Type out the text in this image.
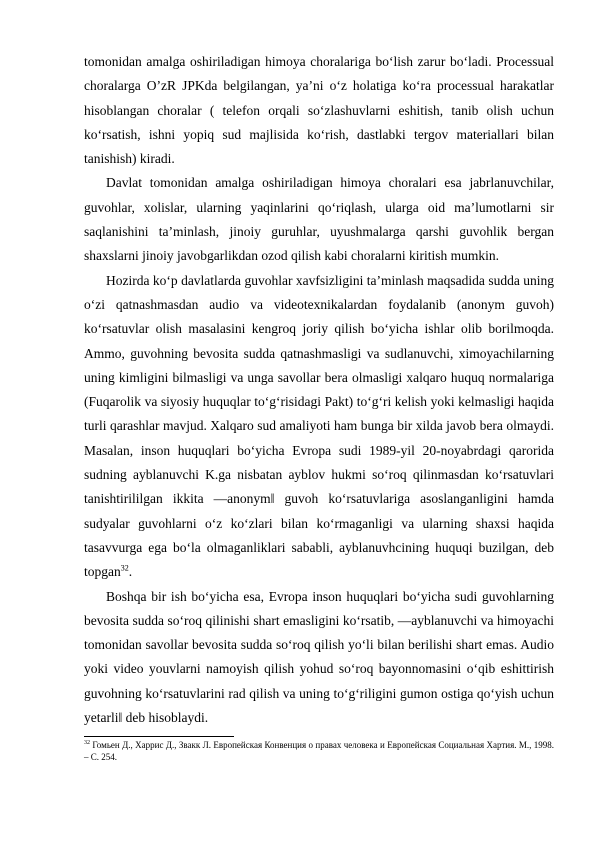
tomonidan amalga oshiriladigan himoya choralariga bo‘lish zarur bo‘ladi. Processual choralarga O’zR JPKda belgilangan, ya’ni o‘z holatiga ko‘ra processual harakatlar hisoblangan choralar ( telefon orqali so‘zlashuvlarni eshitish, tanib olish uchun ko‘rsatish, ishni yopiq sud majlisida ko‘rish, dastlabki tergov materiallari bilan tanishish) kiradi.

Davlat tomonidan amalga oshiriladigan himoya choralari esa jabrlanuvchilar, guvohlar, xolislar, ularning yaqinlarini qo‘riqlash, ularga oid ma’lumotlarni sir saqlanishini ta’minlash, jinoiy guruhlar, uyushmalarga qarshi guvohlik bergan shaxslarni jinoiy javobgarlikdan ozod qilish kabi choralarni kiritish mumkin.

Hozirda ko‘p davlatlarda guvohlar xavfsizligini ta’minlash maqsadida sudda uning o‘zi qatnashmasdan audio va videotexnikalardan foydalanib (anonym guvoh) ko‘rsatuvlar olish masalasini kengroq joriy qilish bo‘yicha ishlar olib borilmoqda. Ammo, guvohning bevosita sudda qatnashmasligi va sudlanuvchi, ximoyachilarning uning kimligini bilmasligi va unga savollar bera olmasligi xalqaro huquq normalariga (Fuqarolik va siyosiy huquqlar to‘g‘risidagi Pakt) to‘g‘ri kelish yoki kelmasligi haqida turli qarashlar mavjud. Xalqaro sud amaliyoti ham bunga bir xilda javob bera olmaydi. Masalan, inson huquqlari bo‘yicha Evropa sudi 1989-yil 20-noyabrdagi qarorida sudning ayblanuvchi K.ga nisbatan ayblov hukmi so‘roq qilinmasdan ko‘rsatuvlari tanishtirililgan ikkita ―anonym‖ guvoh ko‘rsatuvlariga asoslanganligini hamda sudyalar guvohlarni o‘z ko‘zlari bilan ko‘rmaganligi va ularning shaxsi haqida tasavvurga ega bo‘la olmaganliklari sababli, ayblanuvhcining huquqi buzilgan, deb topgan$^{32}$.

Boshqa bir ish bo‘yicha esa, Evropa inson huquqlari bo‘yicha sudi guvohlarning bevosita sudda so‘roq qilinishi shart emasligini ko‘rsatib, ―ayblanuvchi va himoyachi tomonidan savollar bevosita sudda so‘roq qilish yo‘li bilan berilishi shart emas. Audio yoki video youvlarni namoyish qilish yohud so‘roq bayonnomasini o‘qib eshittirish guvohning ko‘rsatuvlarini rad qilish va uning to‘g‘riligini gumon ostiga qo‘yish uchun yetarli‖ deb hisoblaydi.

$^{32}$ Гомьен Д., Харрис Д., Звакк Л. Европейская Конвенция о правах человека и Европейская Социальная Хартия. М., 1998. – С. 254.
